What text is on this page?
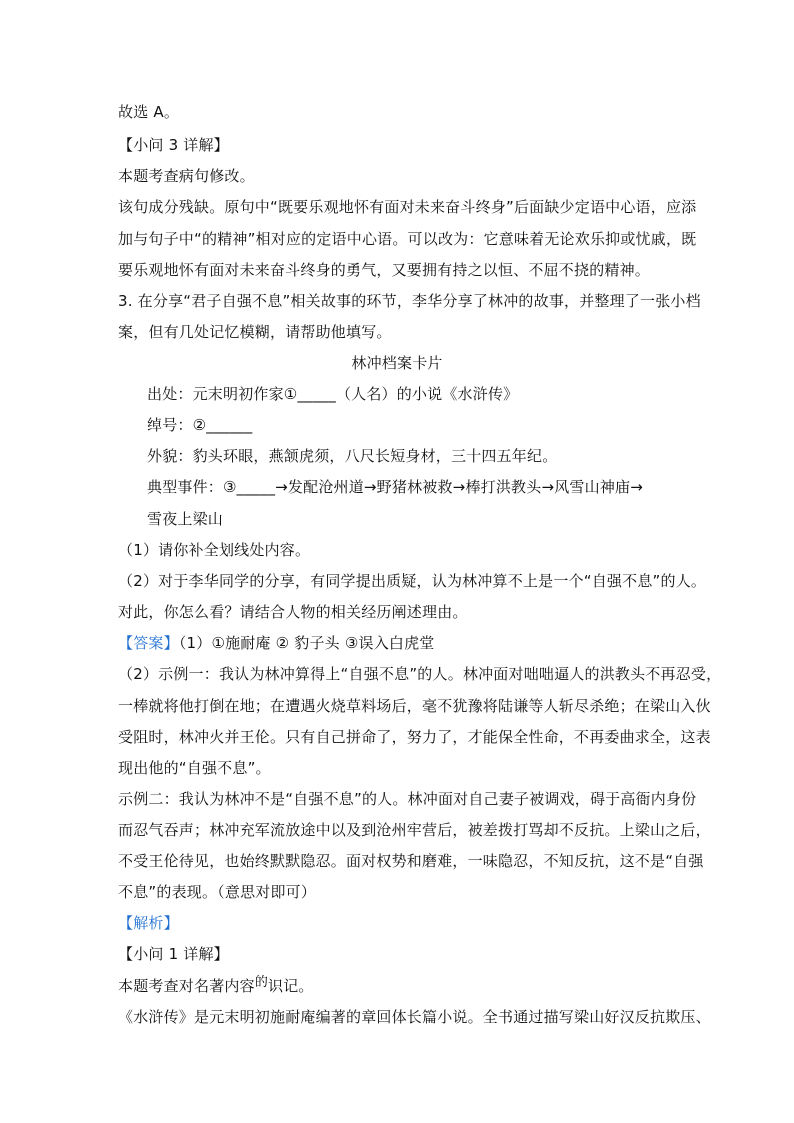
故选 A。
【小问 3 详解】
本题考查病句修改。
该句成分残缺。原句中“既要乐观地怀有面对未来奋斗终身”后面缺少定语中心语，应添
加与句子中“的精神”相对应的定语中心语。可以改为：它意味着无论欢乐抑或忧戚，既
要乐观地怀有面对未来奋斗终身的勇气，又要拥有持之以恒、不屈不挠的精神。
3. 在分享“君子自强不息”相关故事的环节，李华分享了林冲的故事，并整理了一张小档
案，但有几处记忆模糊，请帮助他填写。
林冲档案卡片
出处：元末明初作家①_____（人名）的小说《水浒传》
绰号：②______
外貌：豹头环眼，燕颔虎须，八尺长短身材，三十四五年纪。
典型事件：③_____→发配沧州道→野猪林被救→棒打洪教头→风雪山神庙→
雪夜上梁山
（1）请你补全划线处内容。
（2）对于李华同学的分享，有同学提出质疑，认为林冲算不上是一个“自强不息”的人。
对此，你怎么看？请结合人物的相关经历阐述理由。
【答案】（1）①施耐庵 ② 豹子头 ③误入白虎堂
（2）示例一：我认为林冲算得上“自强不息”的人。林冲面对咄咄逼人的洪教头不再忍受，
一棒就将他打倒在地；在遭遇火烧草料场后，毫不犹豫将陆谦等人斩尽杀绝；在梁山入伙
受阻时，林冲火并王伦。只有自己拼命了，努力了，才能保全性命，不再委曲求全，这表
现出他的“自强不息”。
示例二：我认为林冲不是“自强不息”的人。林冲面对自己妻子被调戏，碍于高衙内身份
而忍气吞声；林冲充军流放途中以及到沧州牢营后，被差拨打骂却不反抗。上梁山之后，
不受王伦待见，也始终默默隐忍。面对权势和磨难，一味隐忍，不知反抗，这不是“自强
不息”的表现。（意思对即可）
【解析】
【小问 1 详解】
本题考查对名著内容的识记。
《水浒传》是元末明初施耐庵编著的章回体长篇小说。全书通过描写梁山好汉反抗欺压、
